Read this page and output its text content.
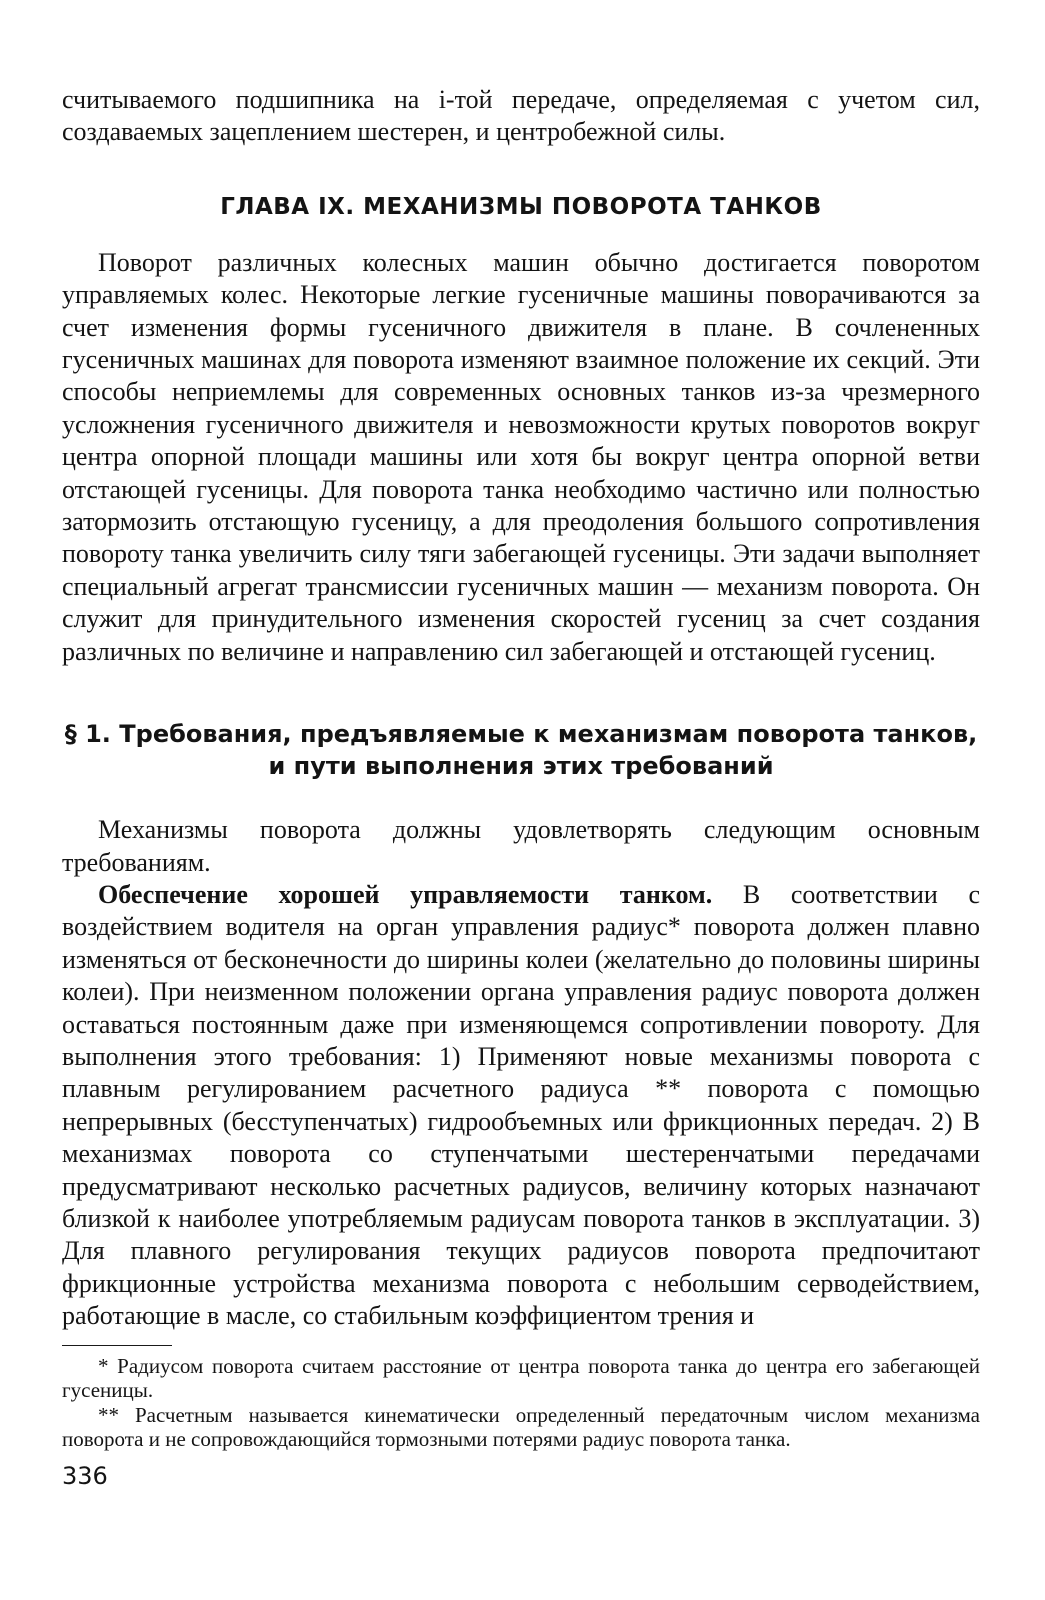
считываемого подшипника на i-той передаче, определяемая с учетом сил, создаваемых зацеплением шестерен, и центробежной силы.

ГЛАВА IX. МЕХАНИЗМЫ ПОВОРОТА ТАНКОВ

Поворот различных колесных машин обычно достигается поворотом управляемых колес. Некоторые легкие гусеничные машины поворачиваются за счет изменения формы гусеничного движителя в плане. В сочлененных гусеничных машинах для поворота изменяют взаимное положение их секций. Эти способы неприемлемы для современных основных танков из-за чрезмерного усложнения гусеничного движителя и невозможности крутых поворотов вокруг центра опорной площади машины или хотя бы вокруг центра опорной ветви отстающей гусеницы. Для поворота танка необходимо частично или полностью затормозить отстающую гусеницу, а для преодоления большого сопротивления повороту танка увеличить силу тяги забегающей гусеницы. Эти задачи выполняет специальный агрегат трансмиссии гусеничных машин — механизм поворота. Он служит для принудительного изменения скоростей гусениц за счет создания различных по величине и направлению сил забегающей и отстающей гусениц.

§ 1. Требования, предъявляемые к механизмам поворота танков, и пути выполнения этих требований

Механизмы поворота должны удовлетворять следующим основным требованиям.

Обеспечение хорошей управляемости танком. В соответствии с воздействием водителя на орган управления радиус* поворота должен плавно изменяться от бесконечности до ширины колеи (желательно до половины ширины колеи). При неизменном положении органа управления радиус поворота должен оставаться постоянным даже при изменяющемся сопротивлении повороту. Для выполнения этого требования: 1) Применяют новые механизмы поворота с плавным регулированием расчетного радиуса ** поворота с помощью непрерывных (бесступенчатых) гидрообъемных или фрикционных передач. 2) В механизмах поворота со ступенчатыми шестеренчатыми передачами предусматривают несколько расчетных радиусов, величину которых назначают близкой к наиболее употребляемым радиусам поворота танков в эксплуатации. 3) Для плавного регулирования текущих радиусов поворота предпочитают фрикционные устройства механизма поворота с небольшим серводействием, работающие в масле, со стабильным коэффициентом трения и

* Радиусом поворота считаем расстояние от центра поворота танка до центра его забегающей гусеницы.

** Расчетным называется кинематически определенный передаточным числом механизма поворота и не сопровождающийся тормозными потерями радиус поворота танка.

336
